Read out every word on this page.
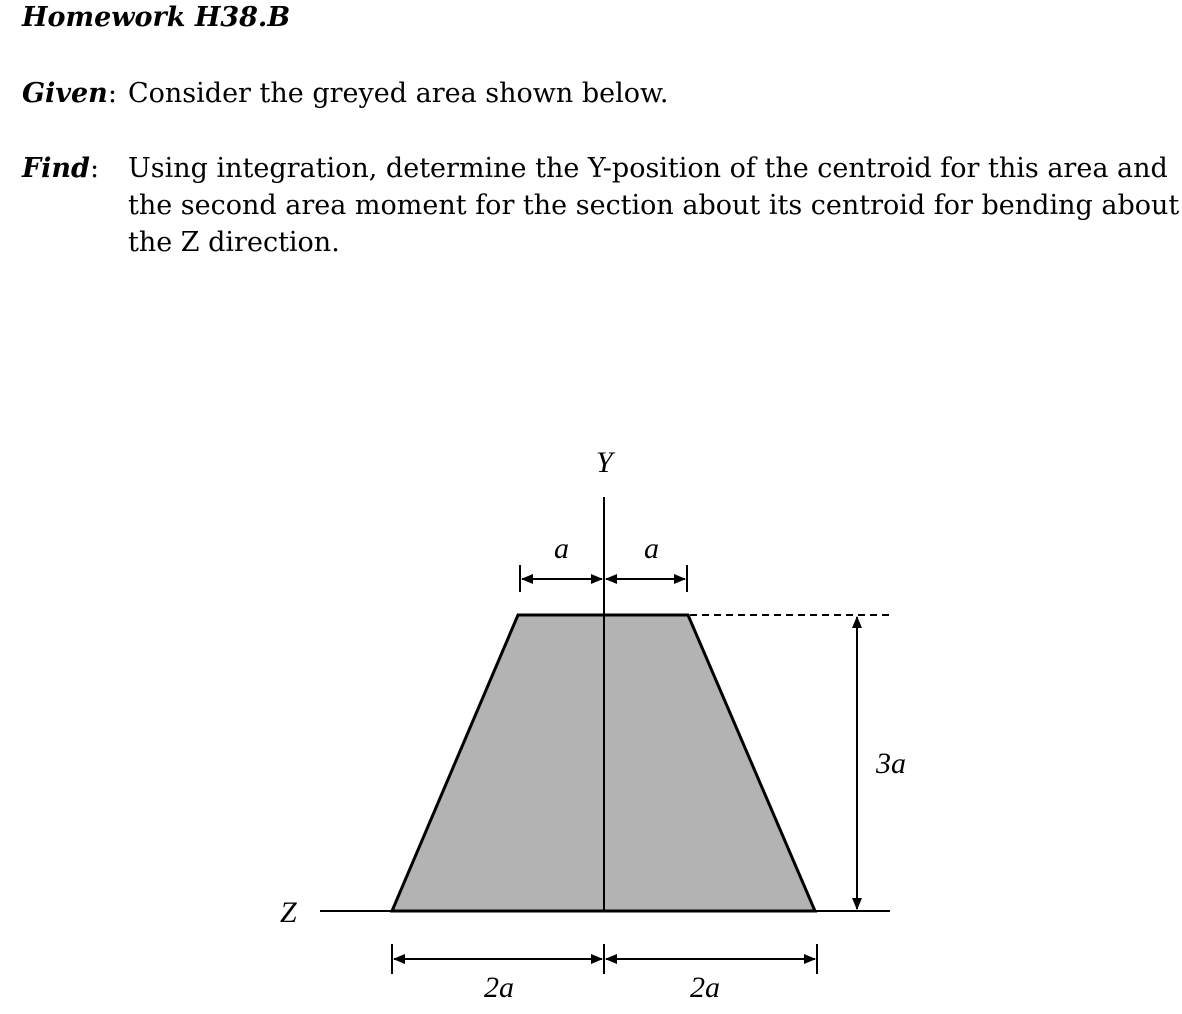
Homework H38.B
Given: Consider the greyed area shown below.
Find: Using integration, determine the Y-position of the centroid for this area and the second area moment for the section about its centroid for bending about the Z direction.
Z
Y
a	a
3a
2a	2a
